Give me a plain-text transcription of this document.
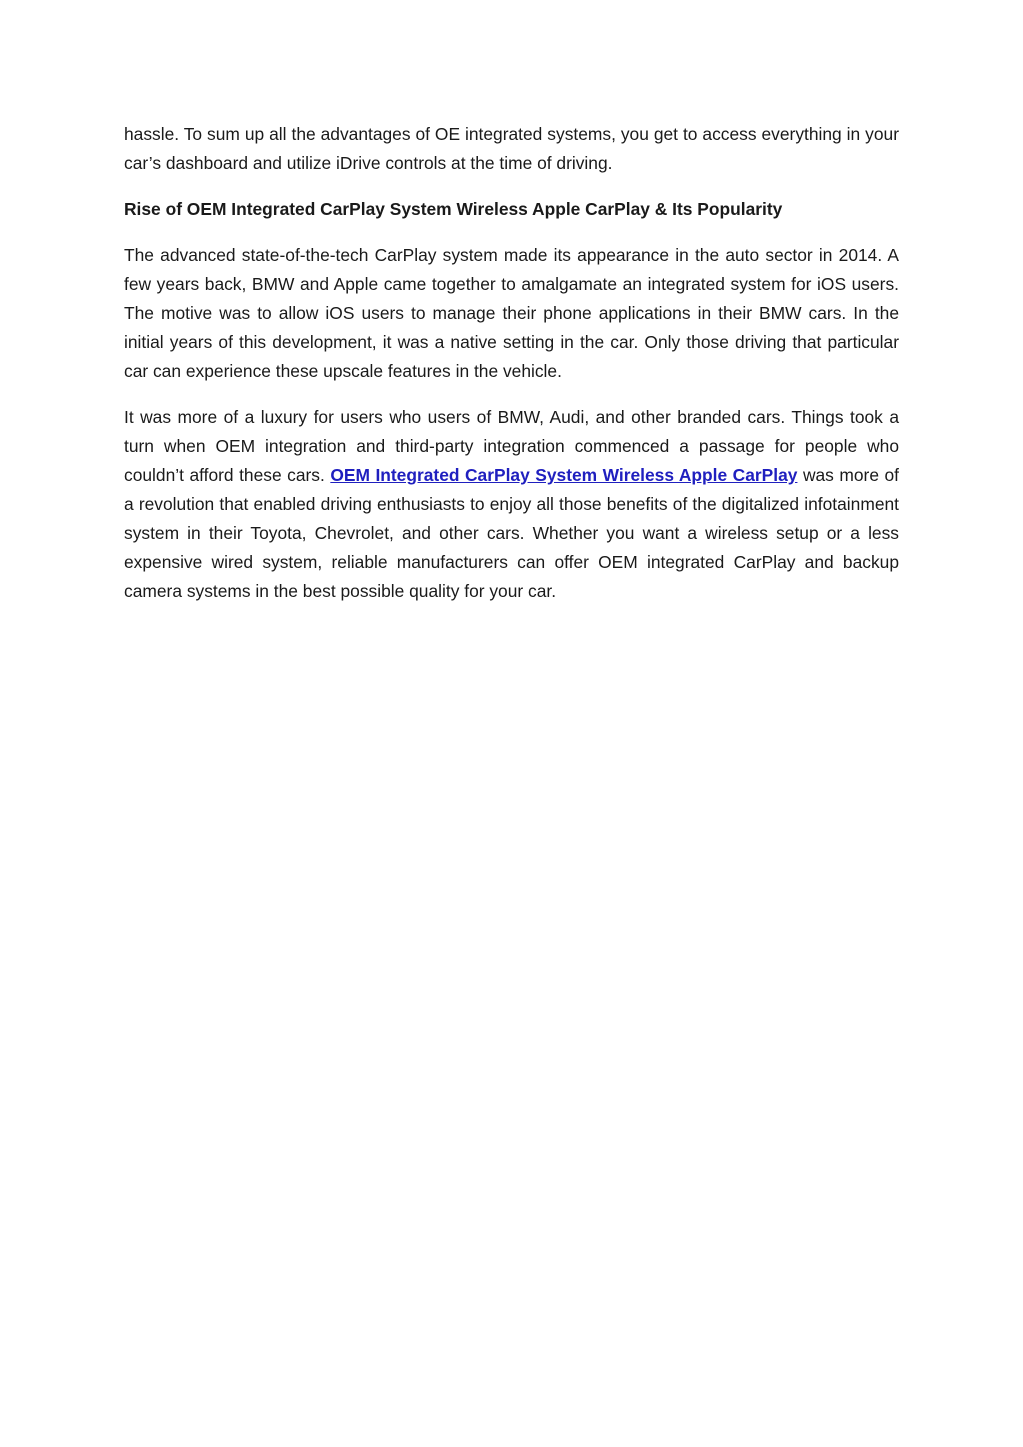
hassle. To sum up all the advantages of OE integrated systems, you get to access everything in your car’s dashboard and utilize iDrive controls at the time of driving.

Rise of OEM Integrated CarPlay System Wireless Apple CarPlay & Its Popularity

The advanced state-of-the-tech CarPlay system made its appearance in the auto sector in 2014. A few years back, BMW and Apple came together to amalgamate an integrated system for iOS users. The motive was to allow iOS users to manage their phone applications in their BMW cars. In the initial years of this development, it was a native setting in the car. Only those driving that particular car can experience these upscale features in the vehicle.

It was more of a luxury for users who users of BMW, Audi, and other branded cars. Things took a turn when OEM integration and third-party integration commenced a passage for people who couldn’t afford these cars. OEM Integrated CarPlay System Wireless Apple CarPlay was more of a revolution that enabled driving enthusiasts to enjoy all those benefits of the digitalized infotainment system in their Toyota, Chevrolet, and other cars. Whether you want a wireless setup or a less expensive wired system, reliable manufacturers can offer OEM integrated CarPlay and backup camera systems in the best possible quality for your car.
